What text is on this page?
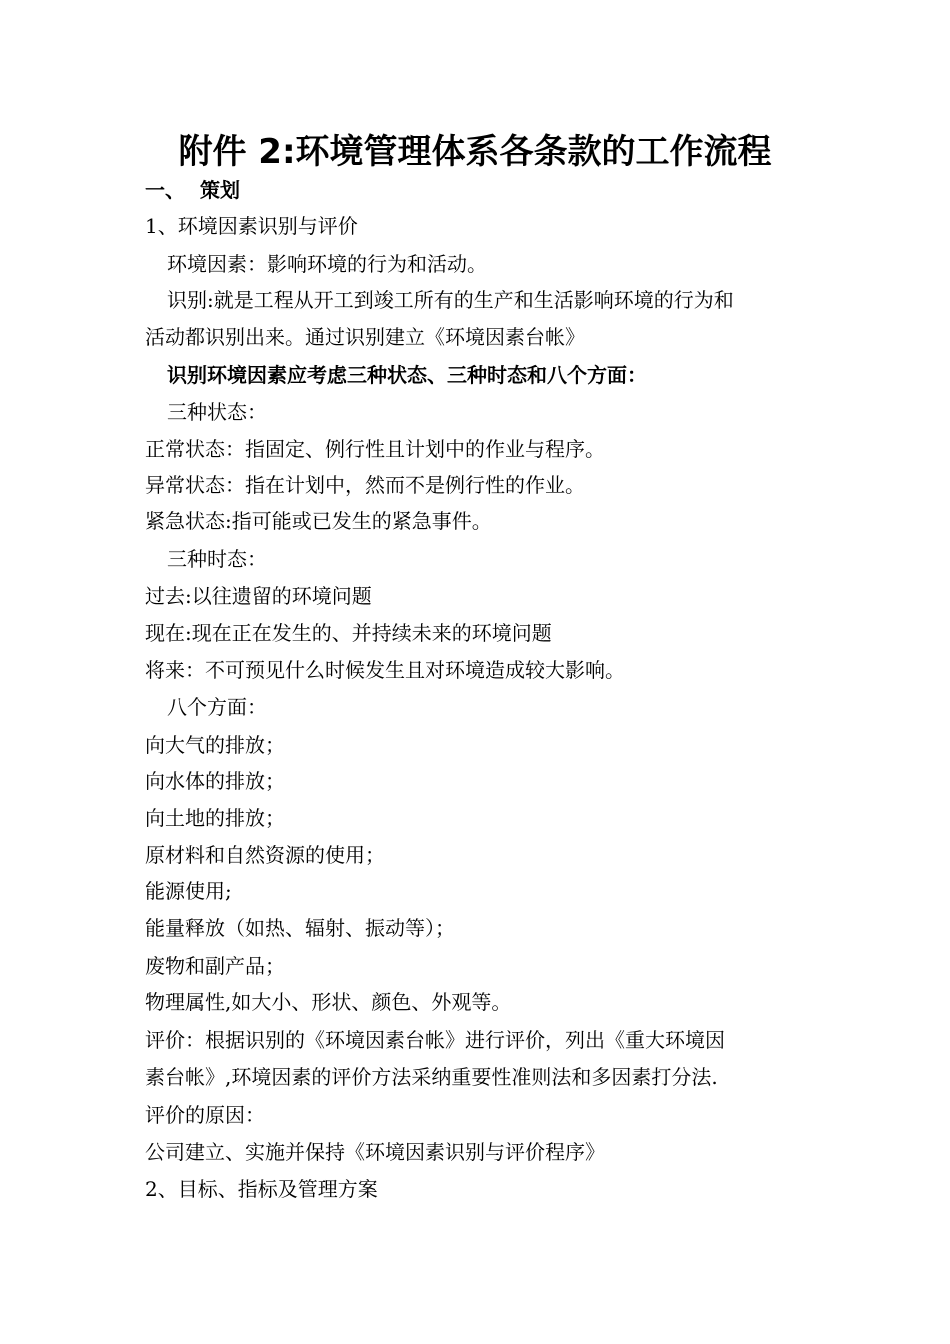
附件 2:环境管理体系各条款的工作流程
一、 策划
1、环境因素识别与评价
环境因素：影响环境的行为和活动。
识别:就是工程从开工到竣工所有的生产和生活影响环境的行为和
活动都识别出来。通过识别建立《环境因素台帐》
识别环境因素应考虑三种状态、三种时态和八个方面：
三种状态：
正常状态：指固定、例行性且计划中的作业与程序。
异常状态：指在计划中，然而不是例行性的作业。
紧急状态:指可能或已发生的紧急事件。
三种时态：
过去:以往遗留的环境问题
现在:现在正在发生的、并持续未来的环境问题
将来：不可预见什么时候发生且对环境造成较大影响。
八个方面：
向大气的排放；
向水体的排放；
向土地的排放；
原材料和自然资源的使用；
能源使用;
能量释放（如热、辐射、振动等）；
废物和副产品；
物理属性,如大小、形状、颜色、外观等。
评价：根据识别的《环境因素台帐》进行评价，列出《重大环境因
素台帐》,环境因素的评价方法采纳重要性准则法和多因素打分法.
评价的原因：
公司建立、实施并保持《环境因素识别与评价程序》
2、目标、指标及管理方案
